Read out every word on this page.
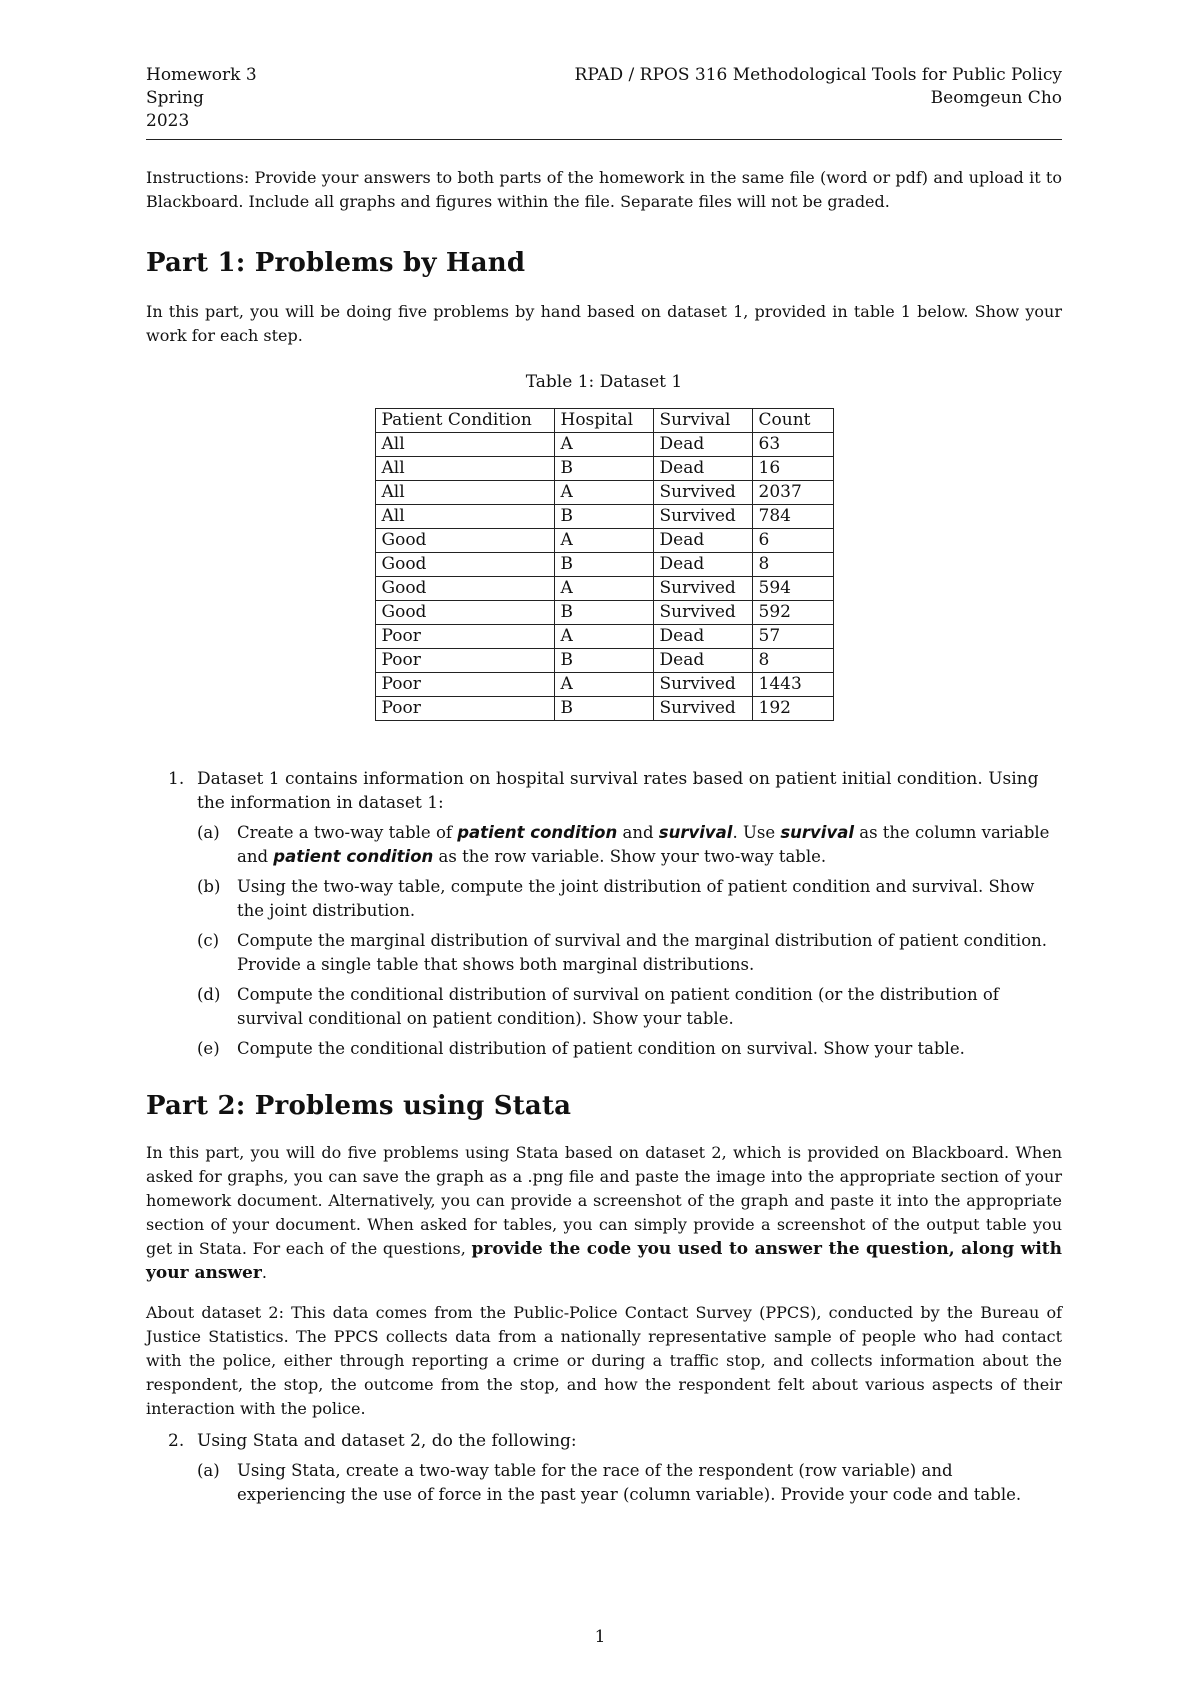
Homework 3
Spring
2023
RPAD / RPOS 316 Methodological Tools for Public Policy
Beomgeun Cho

Instructions: Provide your answers to both parts of the homework in the same file (word or pdf) and upload it to Blackboard. Include all graphs and figures within the file. Separate files will not be graded.

Part 1: Problems by Hand

In this part, you will be doing five problems by hand based on dataset 1, provided in table 1 below. Show your work for each step.

Table 1: Dataset 1
Patient Condition	Hospital	Survival	Count
All	A	Dead	63
All	B	Dead	16
All	A	Survived	2037
All	B	Survived	784
Good	A	Dead	6
Good	B	Dead	8
Good	A	Survived	594
Good	B	Survived	592
Poor	A	Dead	57
Poor	B	Dead	8
Poor	A	Survived	1443
Poor	B	Survived	192
1. Dataset 1 contains information on hospital survival rates based on patient initial condition. Using the information in dataset 1:
(a) Create a two-way table of patient condition and survival. Use survival as the column variable and patient condition as the row variable. Show your two-way table.
(b) Using the two-way table, compute the joint distribution of patient condition and survival. Show the joint distribution.
(c) Compute the marginal distribution of survival and the marginal distribution of patient condition. Provide a single table that shows both marginal distributions.
(d) Compute the conditional distribution of survival on patient condition (or the distribution of survival conditional on patient condition). Show your table.
(e) Compute the conditional distribution of patient condition on survival. Show your table.
Part 2: Problems using Stata

In this part, you will do five problems using Stata based on dataset 2, which is provided on Blackboard. When asked for graphs, you can save the graph as a .png file and paste the image into the appropriate section of your homework document. Alternatively, you can provide a screenshot of the graph and paste it into the appropriate section of your document. When asked for tables, you can simply provide a screenshot of the output table you get in Stata. For each of the questions, provide the code you used to answer the question, along with your answer.

About dataset 2: This data comes from the Public-Police Contact Survey (PPCS), conducted by the Bureau of Justice Statistics. The PPCS collects data from a nationally representative sample of people who had contact with the police, either through reporting a crime or during a traffic stop, and collects information about the respondent, the stop, the outcome from the stop, and how the respondent felt about various aspects of their interaction with the police.

2. Using Stata and dataset 2, do the following:
(a) Using Stata, create a two-way table for the race of the respondent (row variable) and experiencing the use of force in the past year (column variable). Provide your code and table.
1
